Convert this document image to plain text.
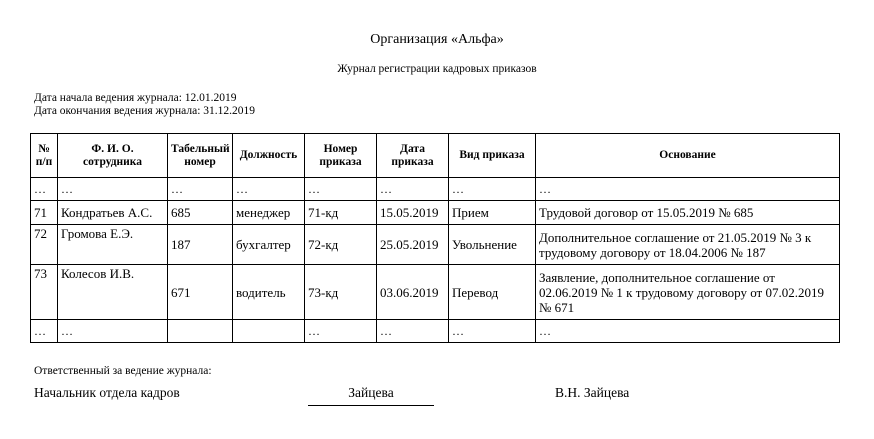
Организация «Альфа»
Журнал регистрации кадровых приказов
Дата начала ведения журнала: 12.01.2019
Дата окончания ведения журнала: 31.12.2019
№ п/п	Ф. И. О. сотрудника	Табельный номер	Должность	Номер приказа	Дата приказа	Вид приказа	Основание
…	…	…	…	…	…	…	…
71	Кондратьев А.С.	685	менеджер	71-кд	15.05.2019	Прием	Трудовой договор от 15.05.2019 № 685
72	Громова Е.Э.	187	бухгалтер	72-кд	25.05.2019	Увольнение	Дополнительное соглашение от 21.05.2019 № 3 к трудовому договору от 18.04.2006 № 187
73	Колесов И.В.	671	водитель	73-кд	03.06.2019	Перевод	Заявление, дополнительное соглашение от 02.06.2019 № 1 к трудовому договору от 07.02.2019 № 671
…	…			…	…	…	…
Ответственный за ведение журнала:
Начальник отдела кадров	Зайцева	В.Н. Зайцева
